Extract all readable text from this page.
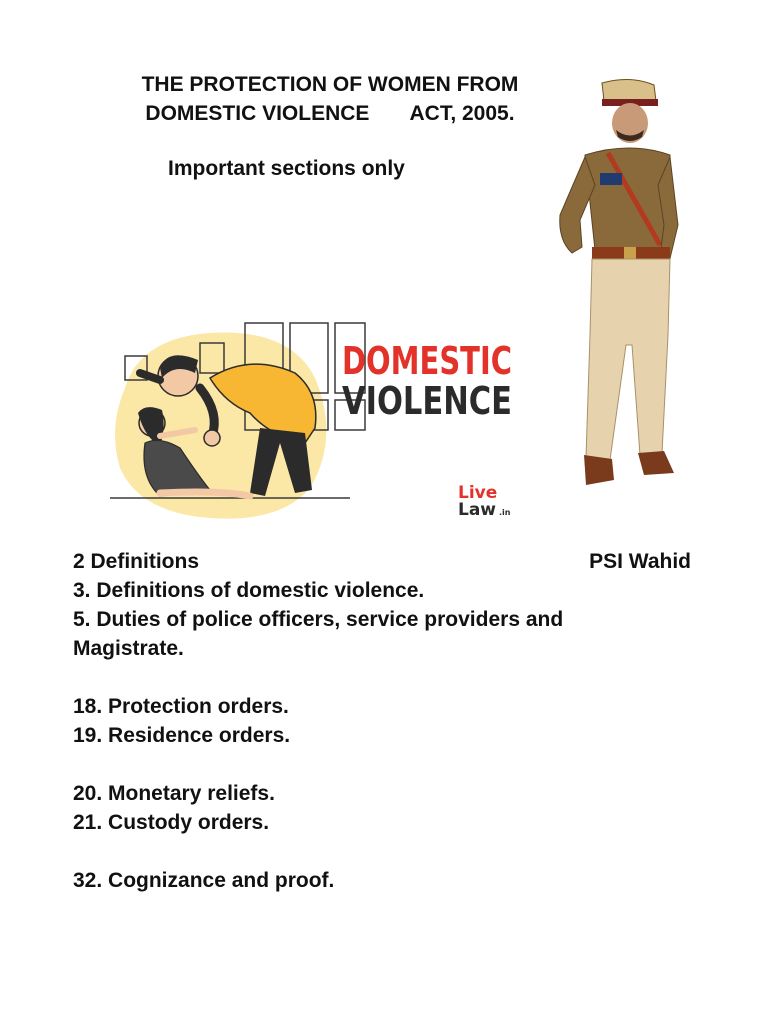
THE PROTECTION OF WOMEN FROM
DOMESTIC VIOLENCE       ACT, 2005.
Important sections only
DOMESTIC
VIOLENCE
Live
Law .in
2 Definitions	PSI Wahid
3. Definitions of domestic violence.
5. Duties of police officers, service providers and
Magistrate.
18. Protection orders.
19. Residence orders.
20. Monetary reliefs.
21. Custody orders.
32. Cognizance and proof.
